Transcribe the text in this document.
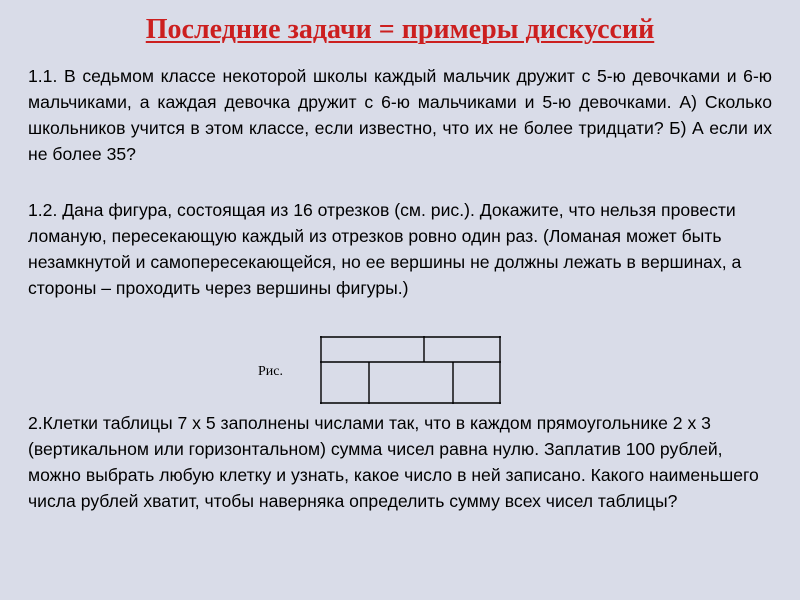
Последние задачи = примеры дискуссий

1.1. В седьмом классе некоторой школы каждый мальчик дружит с 5-ю девочками и 6-ю мальчиками, а каждая девочка дружит с 6-ю мальчиками и 5‑ю девочками. А) Сколько школьников учится в этом классе, если известно, что их не более тридцати? Б) А если их не более 35?

1.2. Дана фигура, состоящая из 16 отрезков (см. рис.). Докажите, что нельзя провести ломаную, пересекающую каждый из отрезков ровно один раз. (Ломаная может быть незамкнутой и самопересекающейся, но ее вершины не должны лежать в вершинах, а стороны – проходить через вершины фигуры.)

Рис.

2.Клетки таблицы 7 х 5 заполнены числами так, что в каждом прямоугольнике 2 х 3 (вертикальном или горизонтальном) сумма чисел равна нулю. Заплатив 100 рублей, можно выбрать любую клетку и узнать, какое число в ней записано. Какого наименьшего числа рублей хватит, чтобы наверняка определить сумму всех чисел таблицы?
